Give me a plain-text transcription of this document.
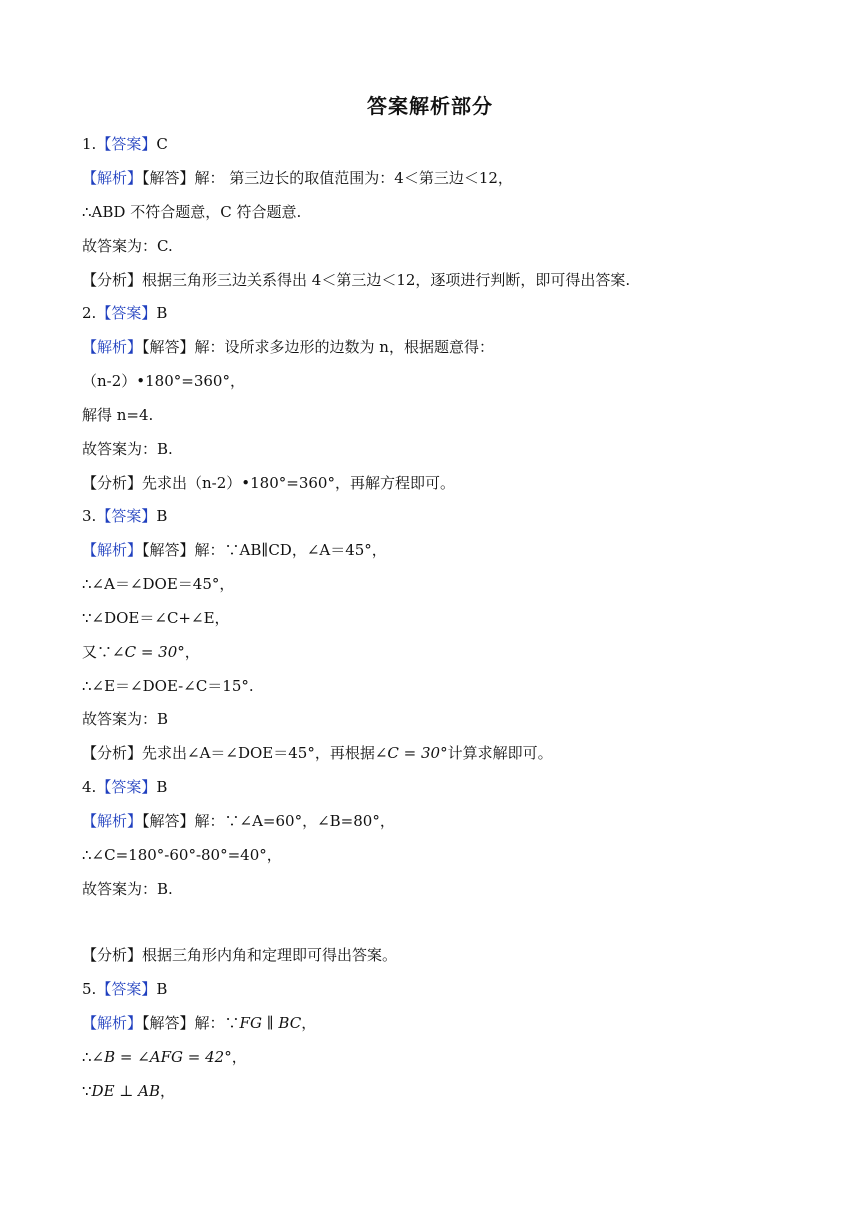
答案解析部分
1.【答案】C
【解析】【解答】解： 第三边长的取值范围为：4＜第三边＜12，
∴ABD 不符合题意，C 符合题意.
故答案为：C.
【分析】根据三角形三边关系得出 4＜第三边＜12，逐项进行判断，即可得出答案.
2.【答案】B
【解析】【解答】解：设所求多边形的边数为 n，根据题意得：
（n-2）•180°=360°，
解得 n=4.
故答案为：B.
【分析】先求出（n-2）•180°=360°，再解方程即可。
3.【答案】B
【解析】【解答】解：∵AB∥CD，∠A＝45°，
∴∠A＝∠DOE＝45°，
∵∠DOE＝∠C+∠E，
又∵∠C = 30°，
∴∠E＝∠DOE-∠C＝15°.
故答案为：B
【分析】先求出∠A＝∠DOE＝45°，再根据∠C = 30°计算求解即可。
4.【答案】B
【解析】【解答】解：∵∠A=60°，∠B=80°，
∴∠C=180°-60°-80°=40°，
故答案为：B.
【分析】根据三角形内角和定理即可得出答案。
5.【答案】B
【解析】【解答】解：∵FG ∥ BC，
∴∠B = ∠AFG = 42°，
∵DE ⊥ AB，
